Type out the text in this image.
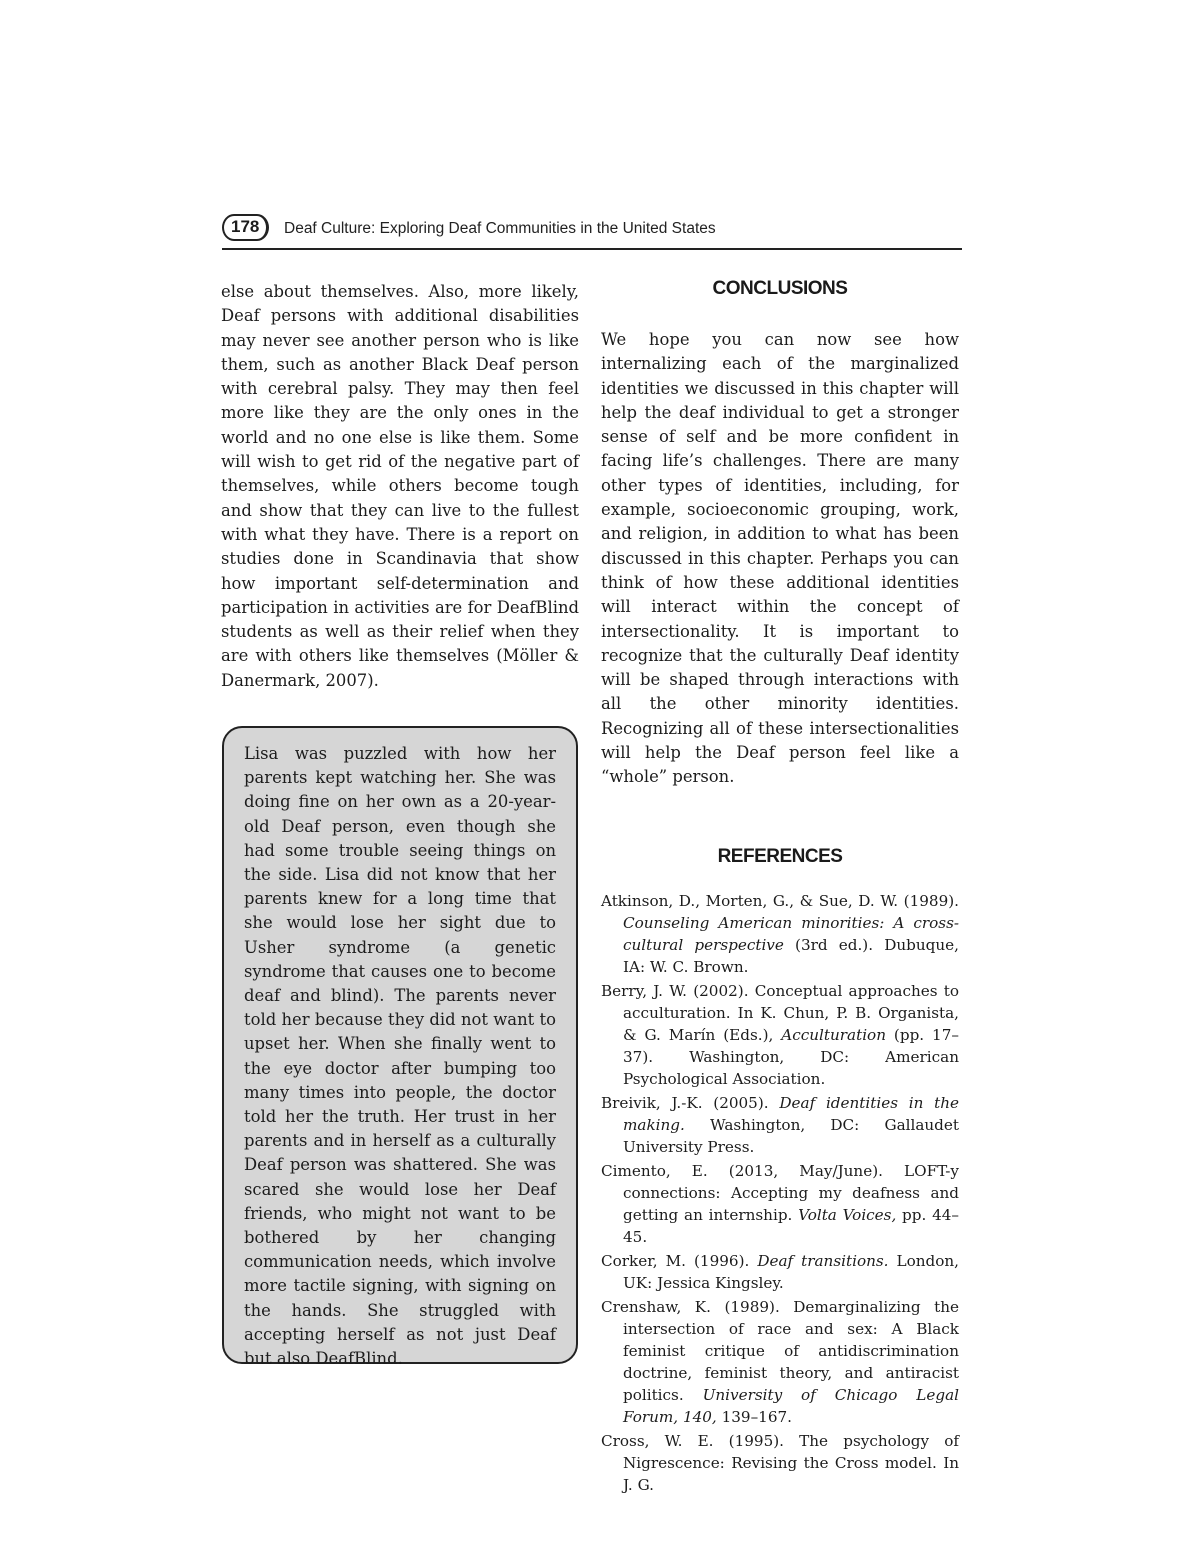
178	Deaf Culture: Exploring Deaf Communities in the United States

else about themselves. Also, more likely, Deaf persons with additional disabilities may never see another person who is like them, such as another Black Deaf person with cerebral palsy. They may then feel more like they are the only ones in the world and no one else is like them. Some will wish to get rid of the negative part of themselves, while others become tough and show that they can live to the fullest with what they have. There is a report on studies done in Scandinavia that show how important self-determination and participation in activities are for DeafBlind students as well as their relief when they are with others like themselves (Möller & Danermark, 2007).

Lisa was puzzled with how her parents kept watching her. She was doing fine on her own as a 20-year-old Deaf person, even though she had some trouble seeing things on the side. Lisa did not know that her parents knew for a long time that she would lose her sight due to Usher syndrome (a genetic syndrome that causes one to become deaf and blind). The parents never told her because they did not want to upset her. When she finally went to the eye doctor after bumping too many times into people, the doctor told her the truth. Her trust in her parents and in herself as a culturally Deaf person was shattered. She was scared she would lose her Deaf friends, who might not want to be bothered by her changing communication needs, which involve more tactile signing, with signing on the hands. She struggled with accepting herself as not just Deaf but also DeafBlind.

CONCLUSIONS

We hope you can now see how internalizing each of the marginalized identities we discussed in this chapter will help the deaf individual to get a stronger sense of self and be more confident in facing life’s challenges. There are many other types of identities, including, for example, socioeconomic grouping, work, and religion, in addition to what has been discussed in this chapter. Perhaps you can think of how these additional identities will interact within the concept of intersectionality. It is important to recognize that the culturally Deaf identity will be shaped through interactions with all the other minority identities. Recognizing all of these intersectionalities will help the Deaf person feel like a “whole” person.

REFERENCES

Atkinson, D., Morten, G., & Sue, D. W. (1989). Counseling American minorities: A cross-cultural perspective (3rd ed.). Dubuque, IA: W. C. Brown.

Berry, J. W. (2002). Conceptual approaches to acculturation. In K. Chun, P. B. Organista, & G. Marín (Eds.), Acculturation (pp. 17–37). Washington, DC: American Psychological Association.

Breivik, J.-K. (2005). Deaf identities in the making. Washington, DC: Gallaudet University Press.

Cimento, E. (2013, May/June). LOFT-y connections: Accepting my deafness and getting an internship. Volta Voices, pp. 44–45.

Corker, M. (1996). Deaf transitions. London, UK: Jessica Kingsley.

Crenshaw, K. (1989). Demarginalizing the intersection of race and sex: A Black feminist critique of antidiscrimination doctrine, feminist theory, and antiracist politics. University of Chicago Legal Forum, 140, 139–167.

Cross, W. E. (1995). The psychology of Nigrescence: Revising the Cross model. In J. G.
